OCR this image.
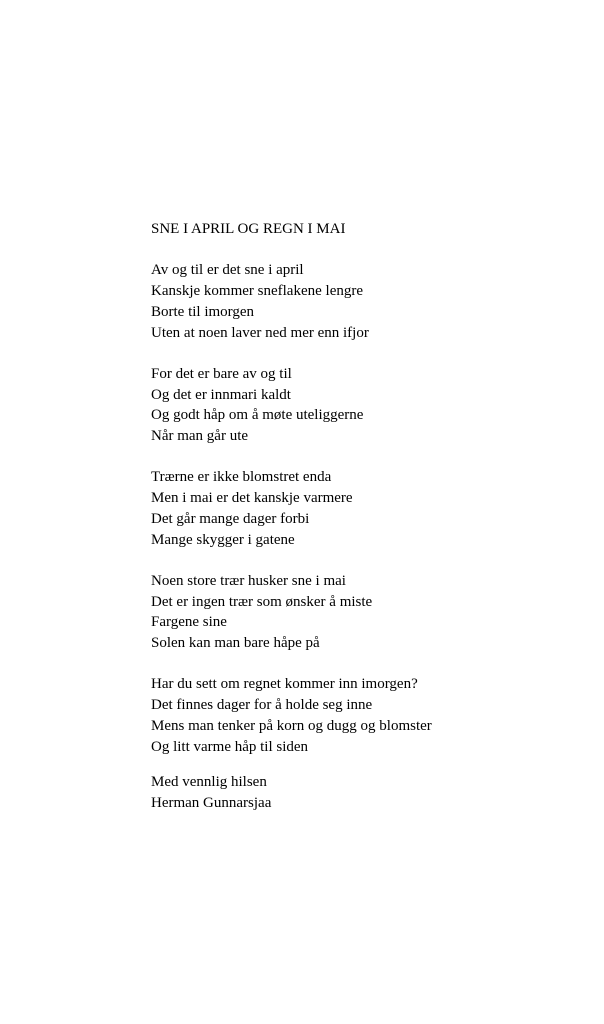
SNE I APRIL OG REGN I MAI

Av og til er det sne i april
Kanskje kommer sneflakene lengre
Borte til imorgen
Uten at noen laver ned mer enn ifjor

For det er bare av og til
Og det er innmari kaldt
Og godt håp om å møte uteliggerne
Når man går ute

Trærne er ikke blomstret enda
Men i mai er det kanskje varmere
Det går mange dager forbi
Mange skygger i gatene

Noen store trær husker sne i mai
Det er ingen trær som ønsker å miste
Fargene sine
Solen kan man bare håpe på

Har du sett om regnet kommer inn imorgen?
Det finnes dager for å holde seg inne
Mens man tenker på korn og dugg og blomster
Og litt varme håp til siden

Med vennlig hilsen
Herman Gunnarsjaa
